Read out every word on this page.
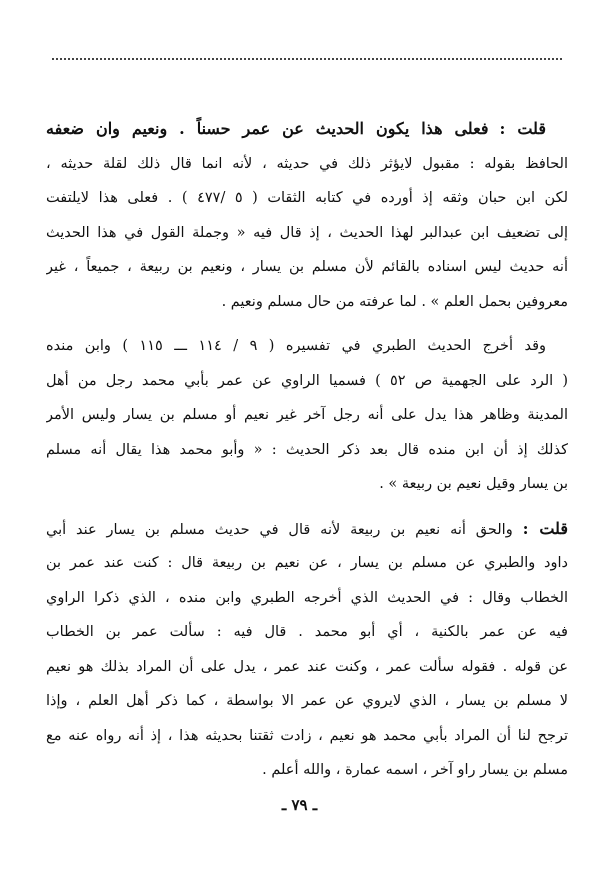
قلت : فعلى هذا يكون الحديث عن عمر حسناً . ونعيم وان ضعفه
الحافظ بقوله : مقبول لايؤثر ذلك في حديثه ، لأنه انما قال ذلك لقلة حديثه ،
لكن ابن حبان وثقه إذ أورده في كتابه الثقات ( ٥ /٤٧٧ ) . فعلى هذا لايلتفت
إلى تضعيف ابن عبدالبر لهذا الحديث ، إذ قال فيه « وجملة القول في هذا الحديث
أنه حديث ليس اسناده بالقائم لأن مسلم بن يسار ، ونعيم بن ربيعة ، جميعاً ، غير
معروفين بحمل العلم » . لما عرفته من حال مسلم ونعيم .
وقد أخرج الحديث الطبري في تفسيره ( ٩ / ١١٤ ـــ ١١٥ ) وابن منده
( الرد على الجهمية ص ٥٢ ) فسميا الراوي عن عمر بأبي محمد رجل من أهل
المدينة وظاهر هذا يدل على أنه رجل آخر غير نعيم أو مسلم بن يسار وليس الأمر
كذلك إذ أن ابن منده قال بعد ذكر الحديث : « وأبو محمد هذا يقال أنه مسلم
بن يسار وقيل نعيم بن ربيعة » .
قلت : والحق أنه نعيم بن ربيعة لأنه قال في حديث مسلم بن يسار عند أبي
داود والطبري عن مسلم بن يسار ، عن نعيم بن ربيعة قال : كنت عند عمر بن
الخطاب وقال : في الحديث الذي أخرجه الطبري وابن منده ، الذي ذكرا الراوي
فيه عن عمر بالكنية ، أي أبو محمد . قال فيه : سألت عمر بن الخطاب
عن قوله . فقوله سألت عمر ، وكنت عند عمر ، يدل على أن المراد بذلك هو نعيم
لا مسلم بن يسار ، الذي لايروي عن عمر الا بواسطة ، كما ذكر أهل العلم ، وإذا
ترجح لنا أن المراد بأبي محمد هو نعيم ، زادت ثقتنا بحديثه هذا ، إذ أنه رواه عنه مع
مسلم بن يسار راو آخر ، اسمه عمارة ، والله أعلم .
ـ ٧٩ ـ
